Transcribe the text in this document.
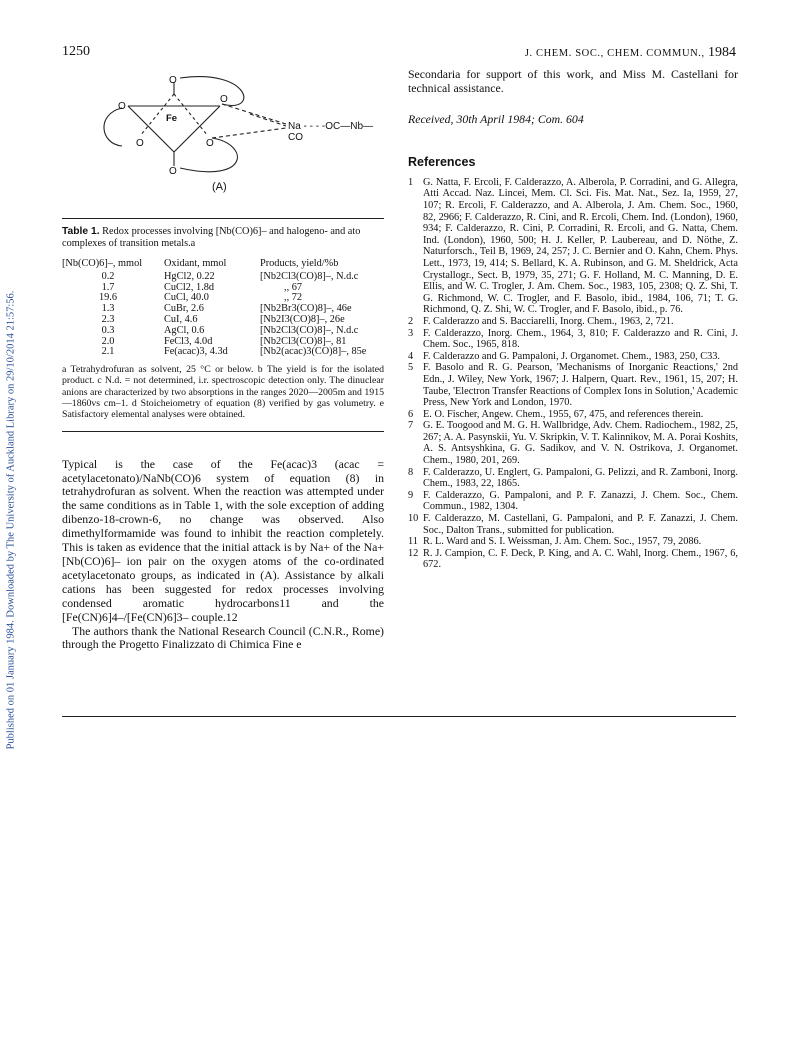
Published on 01 January 1984. Downloaded by The University of Auckland Library on 29/10/2014 21:57:56.
1250	J. CHEM. SOC., CHEM. COMMUN., 1984
O
O
O
O	O
O
Fe
Na - - - -OC—Nb—CO
(A)
Table 1. Redox processes involving [Nb(CO)6]– and halogeno- and ato complexes of transition metals.a
[Nb(CO)6]–, mmol	Oxidant, mmol	Products, yield/%b
0.2	HgCl2, 0.22	[Nb2Cl3(CO)8]–, N.d.c
1.7	CuCl2, 1.8d	,, 67
19.6	CuCl, 40.0	,, 72
1.3	CuBr, 2.6	[Nb2Br3(CO)8]–, 46e
2.3	CuI, 4.6	[Nb2I3(CO)8]–, 26e
0.3	AgCl, 0.6	[Nb2Cl3(CO)8]–, N.d.c
2.0	FeCl3, 4.0d	[Nb2Cl3(CO)8]–, 81
2.1	Fe(acac)3, 4.3d	[Nb2(acac)3(CO)8]–, 85e
a Tetrahydrofuran as solvent, 25 °C or below. b The yield is for the isolated product. c N.d. = not determined, i.r. spectroscopic detection only. The dinuclear anions are characterized by two absorptions in the ranges 2020—2005m and 1915—1860vs cm–1. d Stoicheiometry of equation (8) verified by gas volumetry. e Satisfactory elemental analyses were obtained.

Typical is the case of the Fe(acac)3 (acac = acetylacetonato)/NaNb(CO)6 system of equation (8) in tetrahydrofuran as solvent. When the reaction was attempted under the same conditions as in Table 1, with the sole exception of adding dibenzo-18-crown-6, no change was observed. Also dimethylformamide was found to inhibit the reaction completely. This is taken as evidence that the initial attack is by Na+ of the Na+[Nb(CO)6]– ion pair on the oxygen atoms of the co-ordinated acetylacetonato groups, as indicated in (A). Assistance by alkali cations has been suggested for redox processes involving condensed aromatic hydrocarbons11 and the [Fe(CN)6]4–/[Fe(CN)6]3– couple.12

The authors thank the National Research Council (C.N.R., Rome) through the Progetto Finalizzato di Chimica Fine e

Secondaria for support of this work, and Miss M. Castellani for technical assistance.
Received, 30th April 1984; Com. 604
References
1 G. Natta, F. Ercoli, F. Calderazzo, A. Alberola, P. Corradini, and G. Allegra, Atti Accad. Naz. Lincei, Mem. Cl. Sci. Fis. Mat. Nat., Sez. Ia, 1959, 27, 107; R. Ercoli, F. Calderazzo, and A. Alberola, J. Am. Chem. Soc., 1960, 82, 2966; F. Calderazzo, R. Cini, and R. Ercoli, Chem. Ind. (London), 1960, 934; F. Calderazzo, R. Cini, P. Corradini, R. Ercoli, and G. Natta, Chem. Ind. (London), 1960, 500; H. J. Keller, P. Laubereau, and D. Nöthe, Z. Naturforsch., Teil B, 1969, 24, 257; J. C. Bernier and O. Kahn, Chem. Phys. Lett., 1973, 19, 414; S. Bellard, K. A. Rubinson, and G. M. Sheldrick, Acta Crystallogr., Sect. B, 1979, 35, 271; G. F. Holland, M. C. Manning, D. E. Ellis, and W. C. Trogler, J. Am. Chem. Soc., 1983, 105, 2308; Q. Z. Shi, T. G. Richmond, W. C. Trogler, and F. Basolo, ibid., 1984, 106, 71; T. G. Richmond, Q. Z. Shi, W. C. Trogler, and F. Basolo, ibid., p. 76.
2 F. Calderazzo and S. Bacciarelli, Inorg. Chem., 1963, 2, 721.
3 F. Calderazzo, Inorg. Chem., 1964, 3, 810; F. Calderazzo and R. Cini, J. Chem. Soc., 1965, 818.
4 F. Calderazzo and G. Pampaloni, J. Organomet. Chem., 1983, 250, C33.
5 F. Basolo and R. G. Pearson, 'Mechanisms of Inorganic Reactions,' 2nd Edn., J. Wiley, New York, 1967; J. Halpern, Quart. Rev., 1961, 15, 207; H. Taube, 'Electron Transfer Reactions of Complex Ions in Solution,' Academic Press, New York and London, 1970.
6 E. O. Fischer, Angew. Chem., 1955, 67, 475, and references therein.
7 G. E. Toogood and M. G. H. Wallbridge, Adv. Chem. Radiochem., 1982, 25, 267; A. A. Pasynskii, Yu. V. Skripkin, V. T. Kalinnikov, M. A. Porai Koshits, A. S. Antsyshkina, G. G. Sadikov, and V. N. Ostrikova, J. Organomet. Chem., 1980, 201, 269.
8 F. Calderazzo, U. Englert, G. Pampaloni, G. Pelizzi, and R. Zamboni, Inorg. Chem., 1983, 22, 1865.
9 F. Calderazzo, G. Pampaloni, and P. F. Zanazzi, J. Chem. Soc., Chem. Commun., 1982, 1304.
10 F. Calderazzo, M. Castellani, G. Pampaloni, and P. F. Zanazzi, J. Chem. Soc., Dalton Trans., submitted for publication.
11 R. L. Ward and S. I. Weissman, J. Am. Chem. Soc., 1957, 79, 2086.
12 R. J. Campion, C. F. Deck, P. King, and A. C. Wahl, Inorg. Chem., 1967, 6, 672.
